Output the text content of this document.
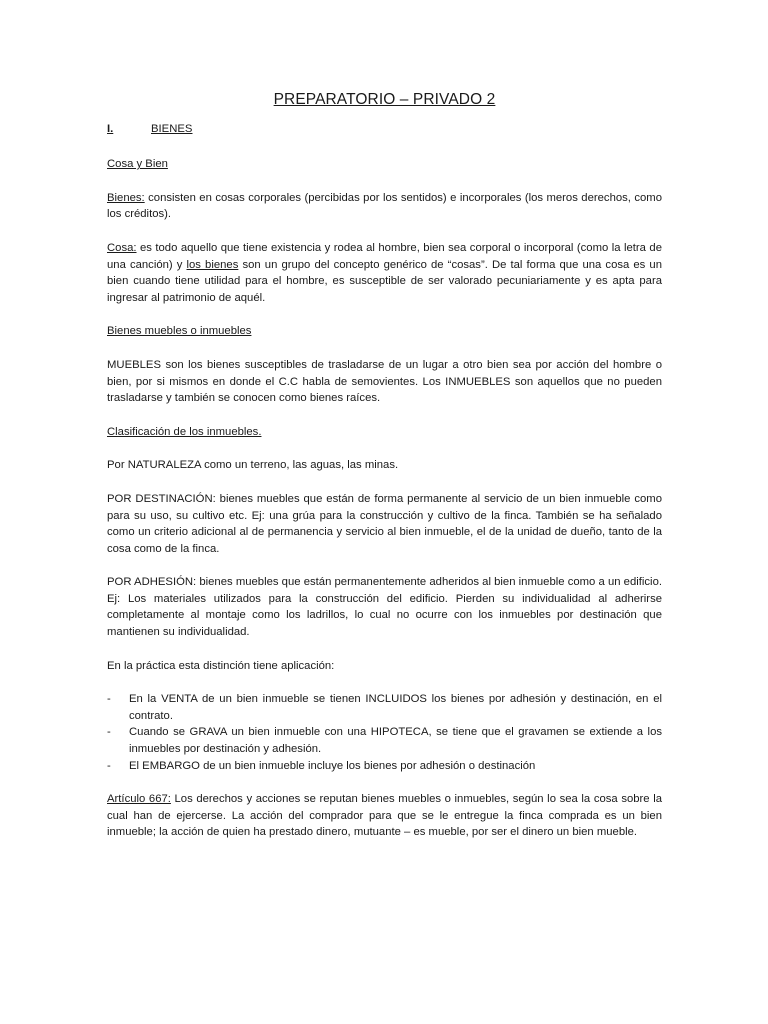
PREPARATORIO – PRIVADO 2
I.	BIENES
Cosa y Bien

Bienes: consisten en cosas corporales (percibidas por los sentidos) e incorporales (los meros derechos, como los créditos).

Cosa: es todo aquello que tiene existencia y rodea al hombre, bien sea corporal o incorporal (como la letra de una canción) y los bienes son un grupo del concepto genérico de “cosas”. De tal forma que una cosa es un bien cuando tiene utilidad para el hombre, es susceptible de ser valorado pecuniariamente y es apta para ingresar al patrimonio de aquél.

Bienes muebles o inmuebles

MUEBLES son los bienes susceptibles de trasladarse de un lugar a otro bien sea por acción del hombre o bien, por si mismos en donde el C.C habla de semovientes. Los INMUEBLES son aquellos que no pueden trasladarse y también se conocen como bienes raíces.

Clasificación de los inmuebles.

Por NATURALEZA como un terreno, las aguas, las minas.

POR DESTINACIÓN: bienes muebles que están de forma permanente al servicio de un bien inmueble como para su uso, su cultivo etc. Ej: una grúa para la construcción y cultivo de la finca. También se ha señalado como un criterio adicional al de permanencia y servicio al bien inmueble, el de la unidad de dueño, tanto de la cosa como de la finca.

POR ADHESIÓN: bienes muebles que están permanentemente adheridos al bien inmueble como a un edificio. Ej: Los materiales utilizados para la construcción del edificio. Pierden su individualidad al adherirse completamente al montaje como los ladrillos, lo cual no ocurre con los inmuebles por destinación que mantienen su individualidad.

En la práctica esta distinción tiene aplicación:

- En la VENTA de un bien inmueble se tienen INCLUIDOS los bienes por adhesión y destinación, en el contrato.
- Cuando se GRAVA un bien inmueble con una HIPOTECA, se tiene que el gravamen se extiende a los inmuebles por destinación y adhesión.
- El EMBARGO de un bien inmueble incluye los bienes por adhesión o destinación

Artículo 667: Los derechos y acciones se reputan bienes muebles o inmuebles, según lo sea la cosa sobre la cual han de ejercerse. La acción del comprador para que se le entregue la finca comprada es un bien inmueble; la acción de quien ha prestado dinero, mutuante – es mueble, por ser el dinero un bien mueble.
